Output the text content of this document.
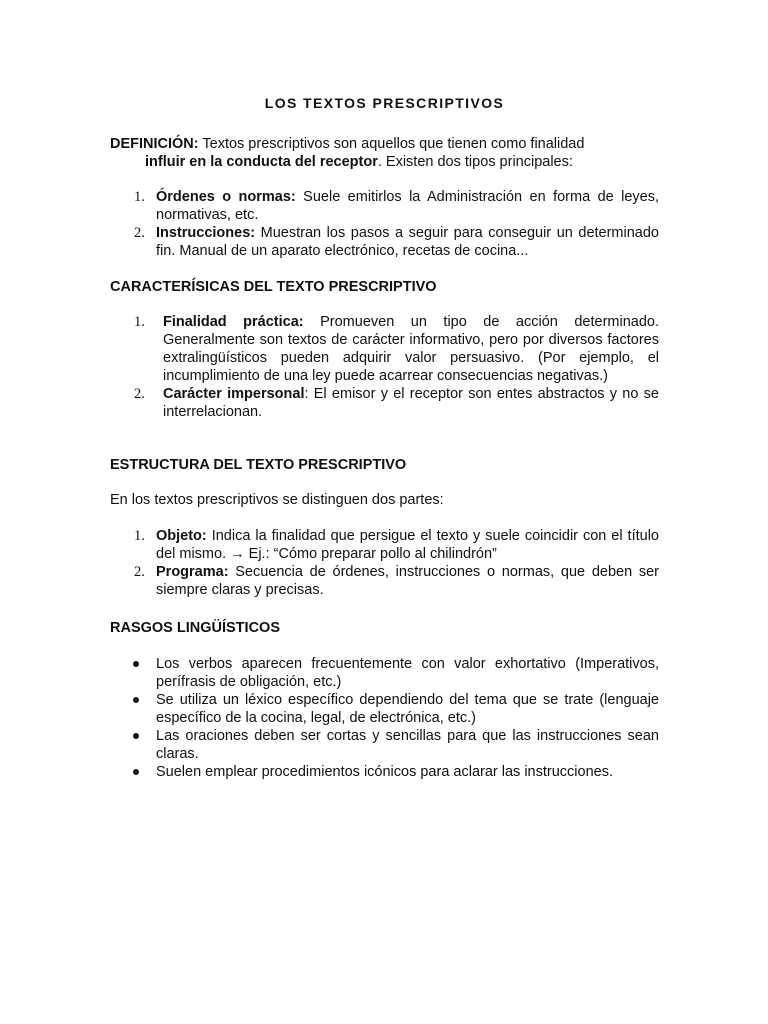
LOS TEXTOS PRESCRIPTIVOS

DEFINICIÓN: Textos prescriptivos son aquellos que tienen como finalidad
influir en la conducta del receptor. Existen dos tipos principales:

1. Órdenes o normas: Suele emitirlos la Administración en forma de leyes, normativas, etc.
2. Instrucciones: Muestran los pasos a seguir para conseguir un determinado fin. Manual de un aparato electrónico, recetas de cocina...
CARACTERÍSICAS DEL TEXTO PRESCRIPTIVO
1. Finalidad práctica: Promueven un tipo de acción determinado. Generalmente son textos de carácter informativo, pero por diversos factores extralingüísticos pueden adquirir valor persuasivo. (Por ejemplo, el incumplimiento de una ley puede acarrear consecuencias negativas.)
2. Carácter impersonal: El emisor y el receptor son entes abstractos y no se interrelacionan.
ESTRUCTURA DEL TEXTO PRESCRIPTIVO
En los textos prescriptivos se distinguen dos partes:
1. Objeto: Indica la finalidad que persigue el texto y suele coincidir con el título del mismo. → Ej.: “Cómo preparar pollo al chilindrón”
2. Programa: Secuencia de órdenes, instrucciones o normas, que deben ser siempre claras y precisas.
RASGOS LINGÜÍSTICOS
Los verbos aparecen frecuentemente con valor exhortativo (Imperativos, perífrasis de obligación, etc.)
Se utiliza un léxico específico dependiendo del tema que se trate (lenguaje específico de la cocina, legal, de electrónica, etc.)
Las oraciones deben ser cortas y sencillas para que las instrucciones sean claras.
Suelen emplear procedimientos icónicos para aclarar las instrucciones.
